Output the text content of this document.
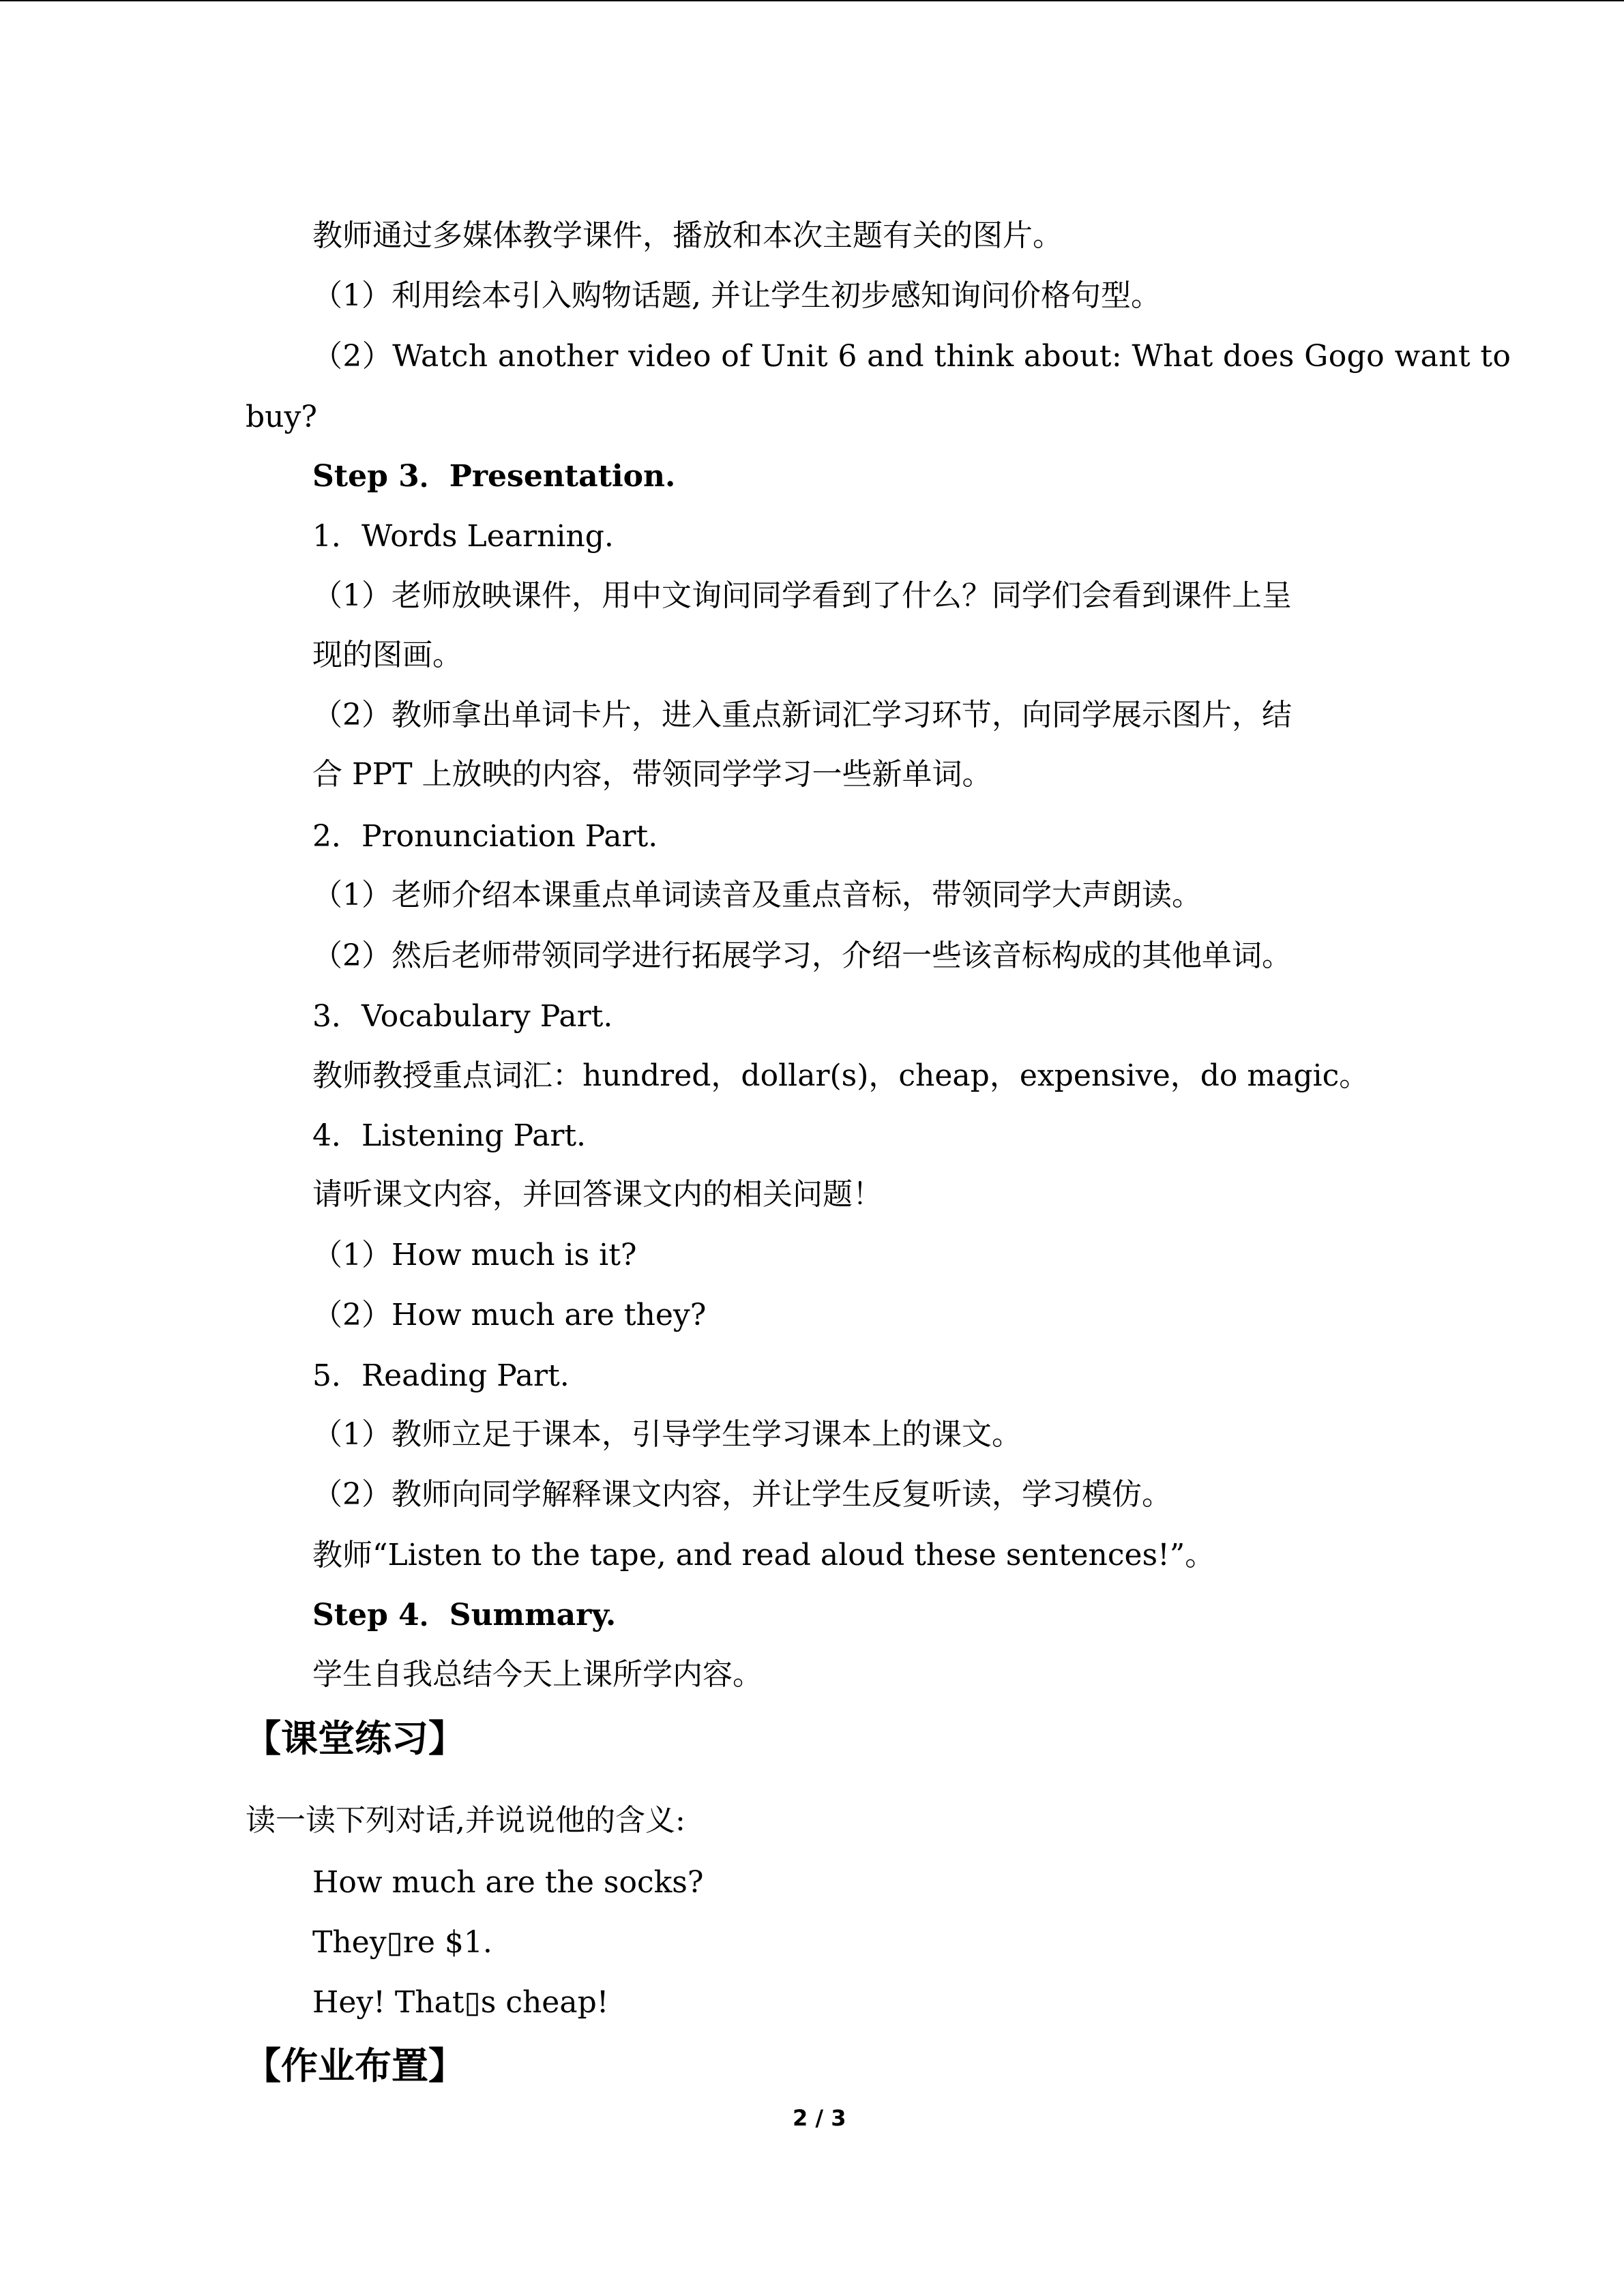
教师通过多媒体教学课件，播放和本次主题有关的图片。
（1）利用绘本引入购物话题, 并让学生初步感知询问价格句型。
（2）Watch another video of Unit 6 and think about: What does Gogo want to
buy?
Step 3．Presentation.
1．Words Learning.
（1）老师放映课件，用中文询问同学看到了什么？同学们会看到课件上呈
现的图画。
（2）教师拿出单词卡片，进入重点新词汇学习环节，向同学展示图片，结
合 PPT 上放映的内容，带领同学学习一些新单词。
2．Pronunciation Part.
（1）老师介绍本课重点单词读音及重点音标，带领同学大声朗读。
（2）然后老师带领同学进行拓展学习，介绍一些该音标构成的其他单词。
3．Vocabulary Part.
教师教授重点词汇：hundred，dollar(s)，cheap，expensive，do magic。
4．Listening Part.
请听课文内容，并回答课文内的相关问题！
（1）How much is it?
（2）How much are they?
5．Reading Part.
（1）教师立足于课本，引导学生学习课本上的课文。
（2）教师向同学解释课文内容，并让学生反复听读，学习模仿。
教师“Listen to the tape, and read aloud these sentences!”。
Step 4．Summary.
学生自我总结今天上课所学内容。
【课堂练习】
读一读下列对话,并说说他的含义:
How much are the socks?
They▯re $1.
Hey! That▯s cheap!
【作业布置】
2 / 3
